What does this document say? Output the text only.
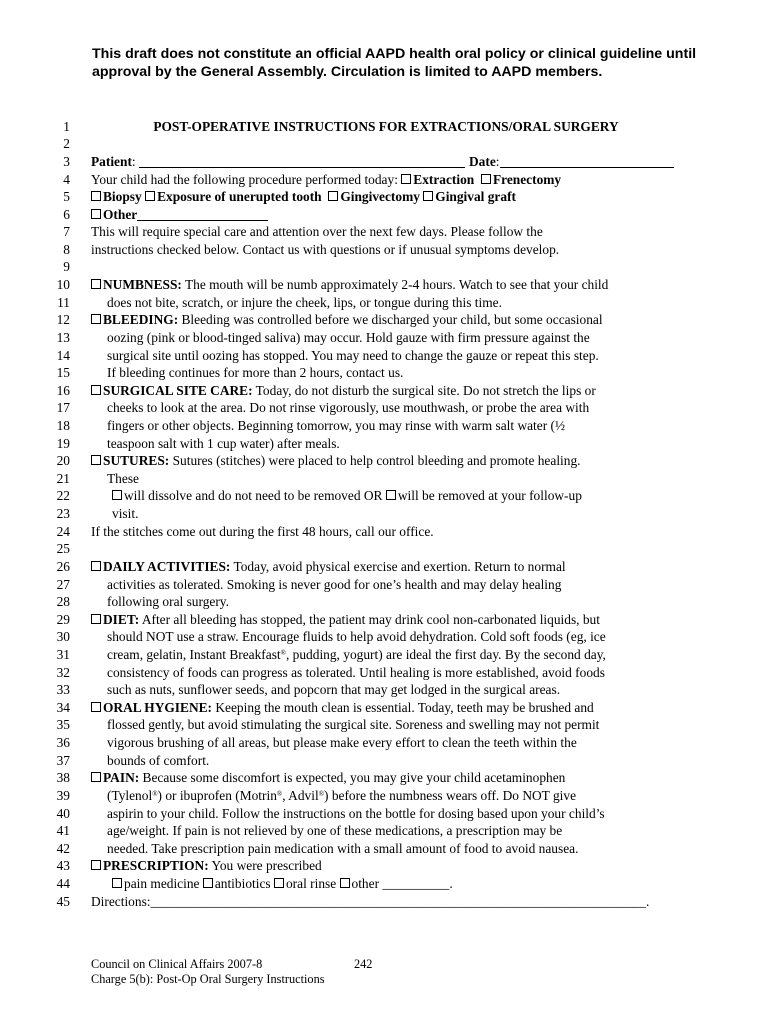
This draft does not constitute an official AAPD health oral policy or clinical guideline until approval by the General Assembly. Circulation is limited to AAPD members.
1
2
3
4
5
6
7
8
9
10
11
12
13
14
15
16
17
18
19
20
21
22
23
24
25
26
27
28
29
30
31
32
33
34
35
36
37
38
39
40
41
42
43
44
45
POST-OPERATIVE INSTRUCTIONS FOR EXTRACTIONS/ORAL SURGERY
Patient:	Date:
Your child had the following procedure performed today: Extraction Frenectomy
Biopsy Exposure of unerupted tooth Gingivectomy Gingival graft
Other
This will require special care and attention over the next few days. Please follow the
instructions checked below. Contact us with questions or if unusual symptoms develop.
NUMBNESS: The mouth will be numb approximately 2-4 hours. Watch to see that your child
does not bite, scratch, or injure the cheek, lips, or tongue during this time.
BLEEDING: Bleeding was controlled before we discharged your child, but some occasional
oozing (pink or blood-tinged saliva) may occur. Hold gauze with firm pressure against the
surgical site until oozing has stopped. You may need to change the gauze or repeat this step.
If bleeding continues for more than 2 hours, contact us.
SURGICAL SITE CARE: Today, do not disturb the surgical site. Do not stretch the lips or
cheeks to look at the area. Do not rinse vigorously, use mouthwash, or probe the area with
fingers or other objects. Beginning tomorrow, you may rinse with warm salt water (½
teaspoon salt with 1 cup water) after meals.
SUTURES: Sutures (stitches) were placed to help control bleeding and promote healing.
These
will dissolve and do not need to be removed OR will be removed at your follow-up
visit.
If the stitches come out during the first 48 hours, call our office.
DAILY ACTIVITIES: Today, avoid physical exercise and exertion. Return to normal
activities as tolerated. Smoking is never good for one’s health and may delay healing
following oral surgery.
DIET: After all bleeding has stopped, the patient may drink cool non-carbonated liquids, but
should NOT use a straw. Encourage fluids to help avoid dehydration. Cold soft foods (eg, ice
cream, gelatin, Instant Breakfast®, pudding, yogurt) are ideal the first day. By the second day,
consistency of foods can progress as tolerated. Until healing is more established, avoid foods
such as nuts, sunflower seeds, and popcorn that may get lodged in the surgical areas.
ORAL HYGIENE: Keeping the mouth clean is essential. Today, teeth may be brushed and
flossed gently, but avoid stimulating the surgical site. Soreness and swelling may not permit
vigorous brushing of all areas, but please make every effort to clean the teeth within the
bounds of comfort.
PAIN: Because some discomfort is expected, you may give your child acetaminophen
(Tylenol®) or ibuprofen (Motrin®, Advil®) before the numbness wears off. Do NOT give
aspirin to your child. Follow the instructions on the bottle for dosing based upon your child’s
age/weight. If pain is not relieved by one of these medications, a prescription may be
needed. Take prescription pain medication with a small amount of food to avoid nausea.
PRESCRIPTION: You were prescribed
pain medicine antibiotics oral rinse other __________.
Directions:__________________________________________________________________________.
Council on Clinical Affairs 2007-8	242
Charge 5(b): Post-Op Oral Surgery Instructions
